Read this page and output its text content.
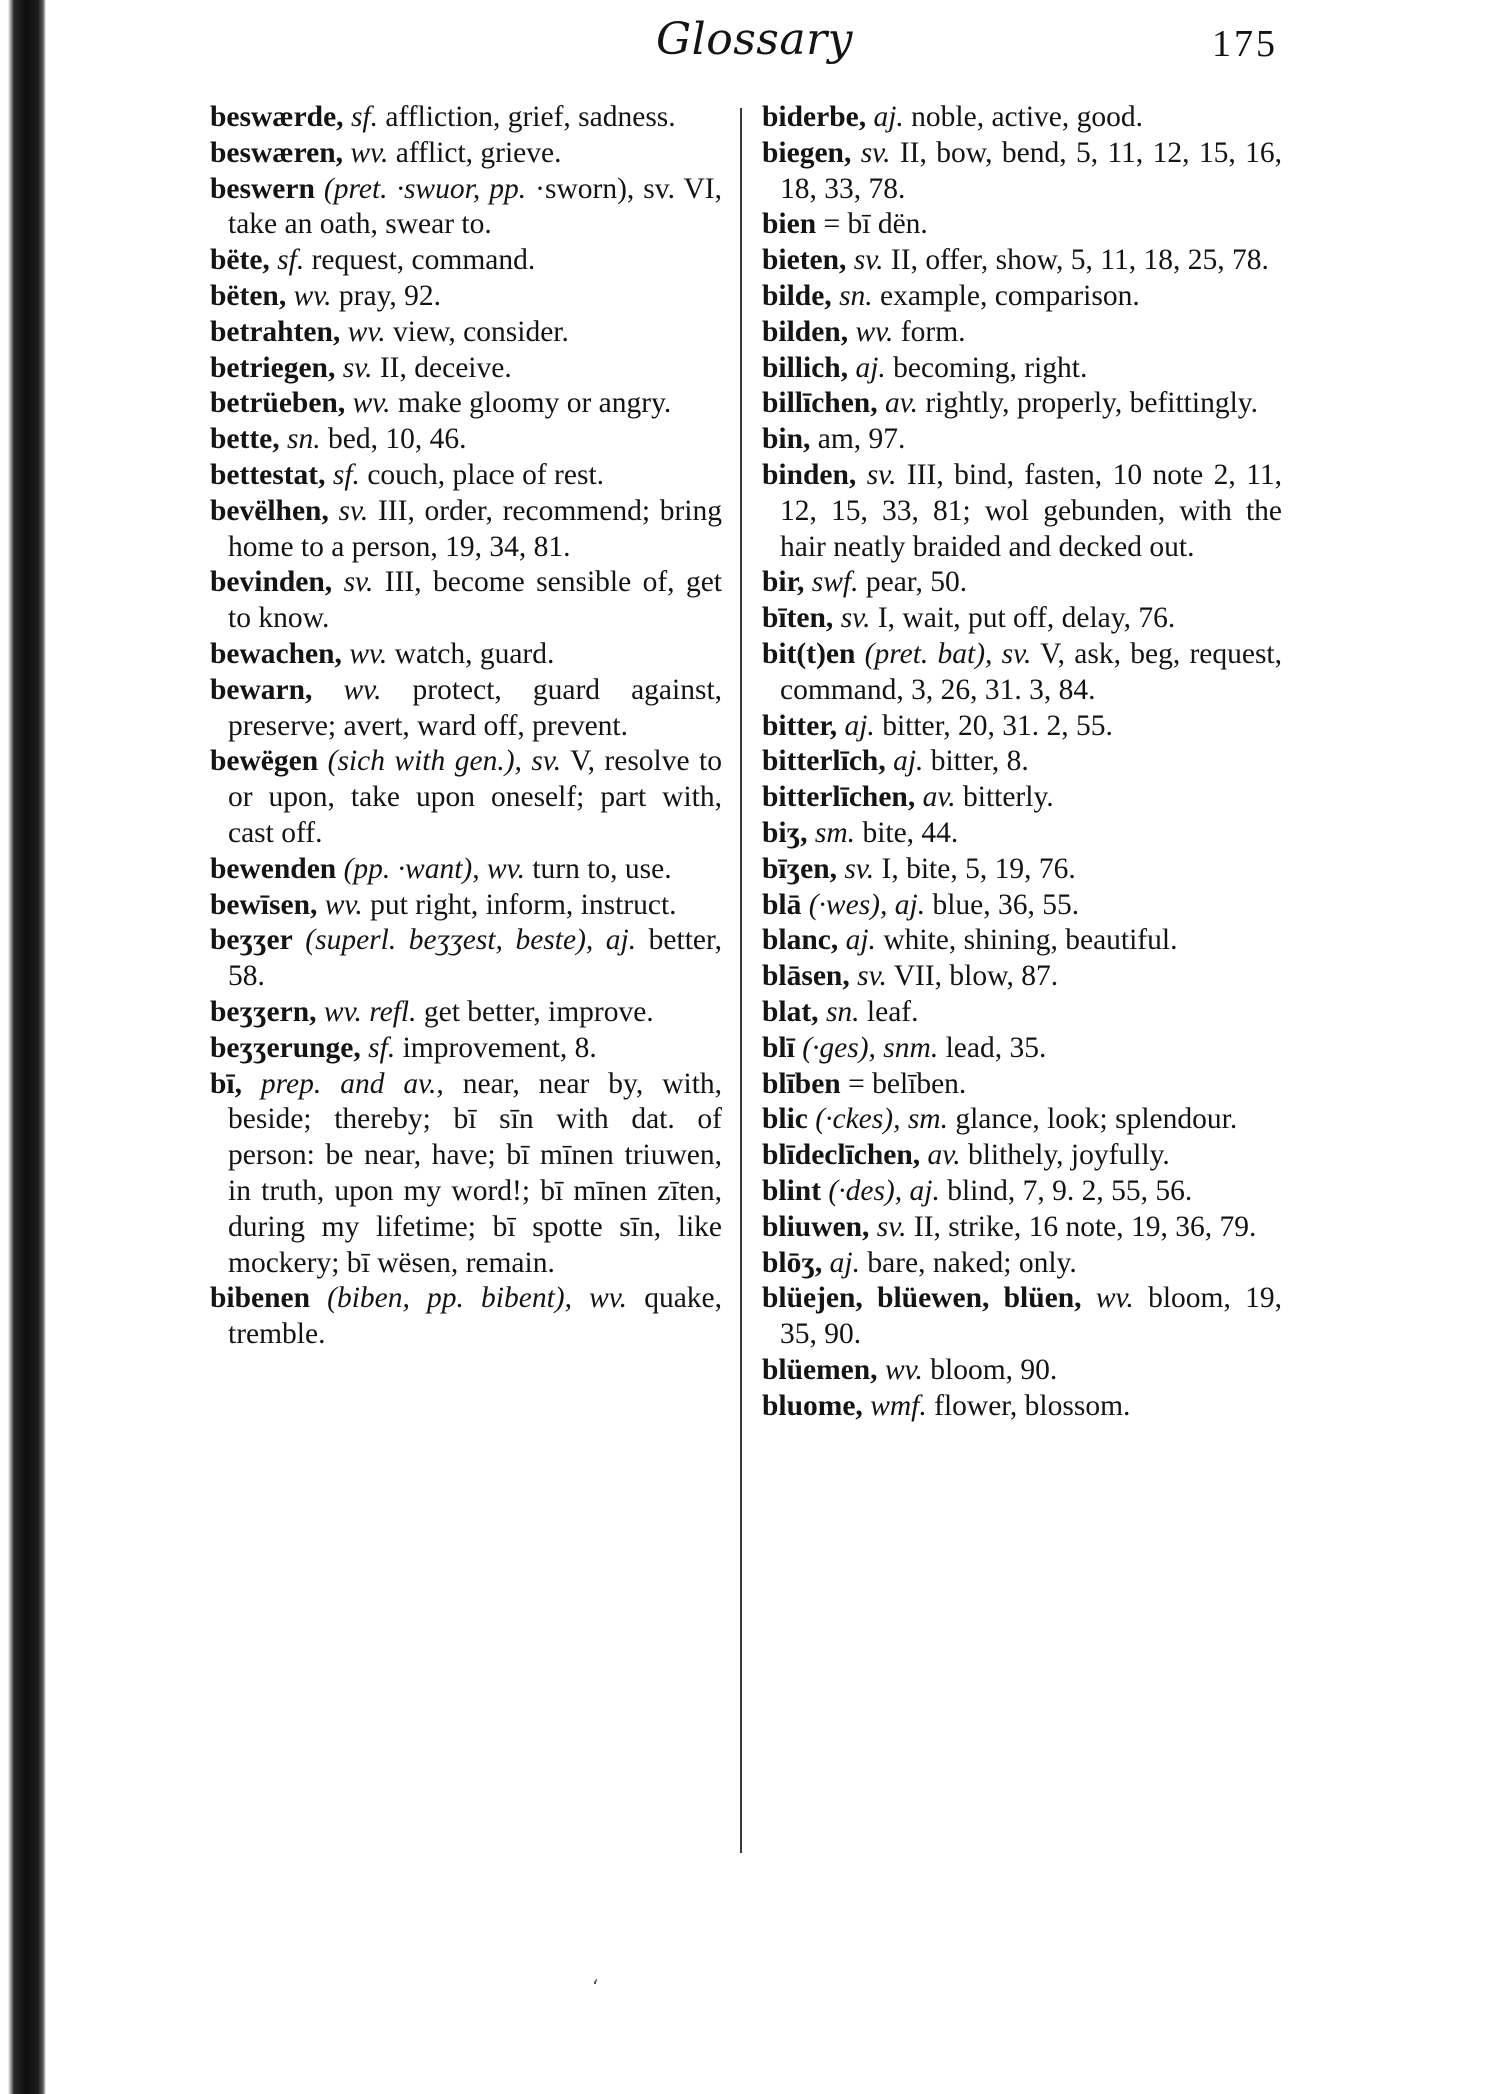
Glossary	175
beswærde, sf. affliction, grief, sadness.
beswæren, wv. afflict, grieve.
beswern (pret. ·swuor, pp. ·sworn), sv. VI, take an oath, swear to.
bëte, sf. request, command.
bëten, wv. pray, 92.
betrahten, wv. view, consider.
betriegen, sv. II, deceive.
betrüeben, wv. make gloomy or angry.
bette, sn. bed, 10, 46.
bettestat, sf. couch, place of rest.
bevëlhen, sv. III, order, recommend; bring home to a person, 19, 34, 81.
bevinden, sv. III, become sensible of, get to know.
bewachen, wv. watch, guard.
bewarn, wv. protect, guard against, preserve; avert, ward off, prevent.
bewëgen (sich with gen.), sv. V, resolve to or upon, take upon oneself; part with, cast off.
bewenden (pp. ·want), wv. turn to, use.
bewīsen, wv. put right, inform, instruct.
beʒʒer (superl. beʒʒest, beste), aj. better, 58.
beʒʒern, wv. refl. get better, improve.
beʒʒerunge, sf. improvement, 8.
bī, prep. and av., near, near by, with, beside; thereby; bī sīn with dat. of person: be near, have; bī mīnen triuwen, in truth, upon my word!; bī mīnen zīten, during my lifetime; bī spotte sīn, like mockery; bī wësen, remain.
bibenen (biben, pp. bibent), wv. quake, tremble.
biderbe, aj. noble, active, good.
biegen, sv. II, bow, bend, 5, 11, 12, 15, 16, 18, 33, 78.
bien = bī dën.
bieten, sv. II, offer, show, 5, 11, 18, 25, 78.
bilde, sn. example, comparison.
bilden, wv. form.
billich, aj. becoming, right.
billīchen, av. rightly, properly, befittingly.
bin, am, 97.
binden, sv. III, bind, fasten, 10 note 2, 11, 12, 15, 33, 81; wol gebunden, with the hair neatly braided and decked out.
bir, swf. pear, 50.
bīten, sv. I, wait, put off, delay, 76.
bit(t)en (pret. bat), sv. V, ask, beg, request, command, 3, 26, 31. 3, 84.
bitter, aj. bitter, 20, 31. 2, 55.
bitterlīch, aj. bitter, 8.
bitterlīchen, av. bitterly.
biʒ, sm. bite, 44.
bīʒen, sv. I, bite, 5, 19, 76.
blā (·wes), aj. blue, 36, 55.
blanc, aj. white, shining, beautiful.
blāsen, sv. VII, blow, 87.
blat, sn. leaf.
blī (·ges), snm. lead, 35.
blīben = belīben.
blic (·ckes), sm. glance, look; splendour.
blīdeclīchen, av. blithely, joyfully.
blint (·des), aj. blind, 7, 9. 2, 55, 56.
bliuwen, sv. II, strike, 16 note, 19, 36, 79.
blōʒ, aj. bare, naked; only.
blüejen, blüewen, blüen, wv. bloom, 19, 35, 90.
blüemen, wv. bloom, 90.
bluome, wmf. flower, blossom.
ʻ
